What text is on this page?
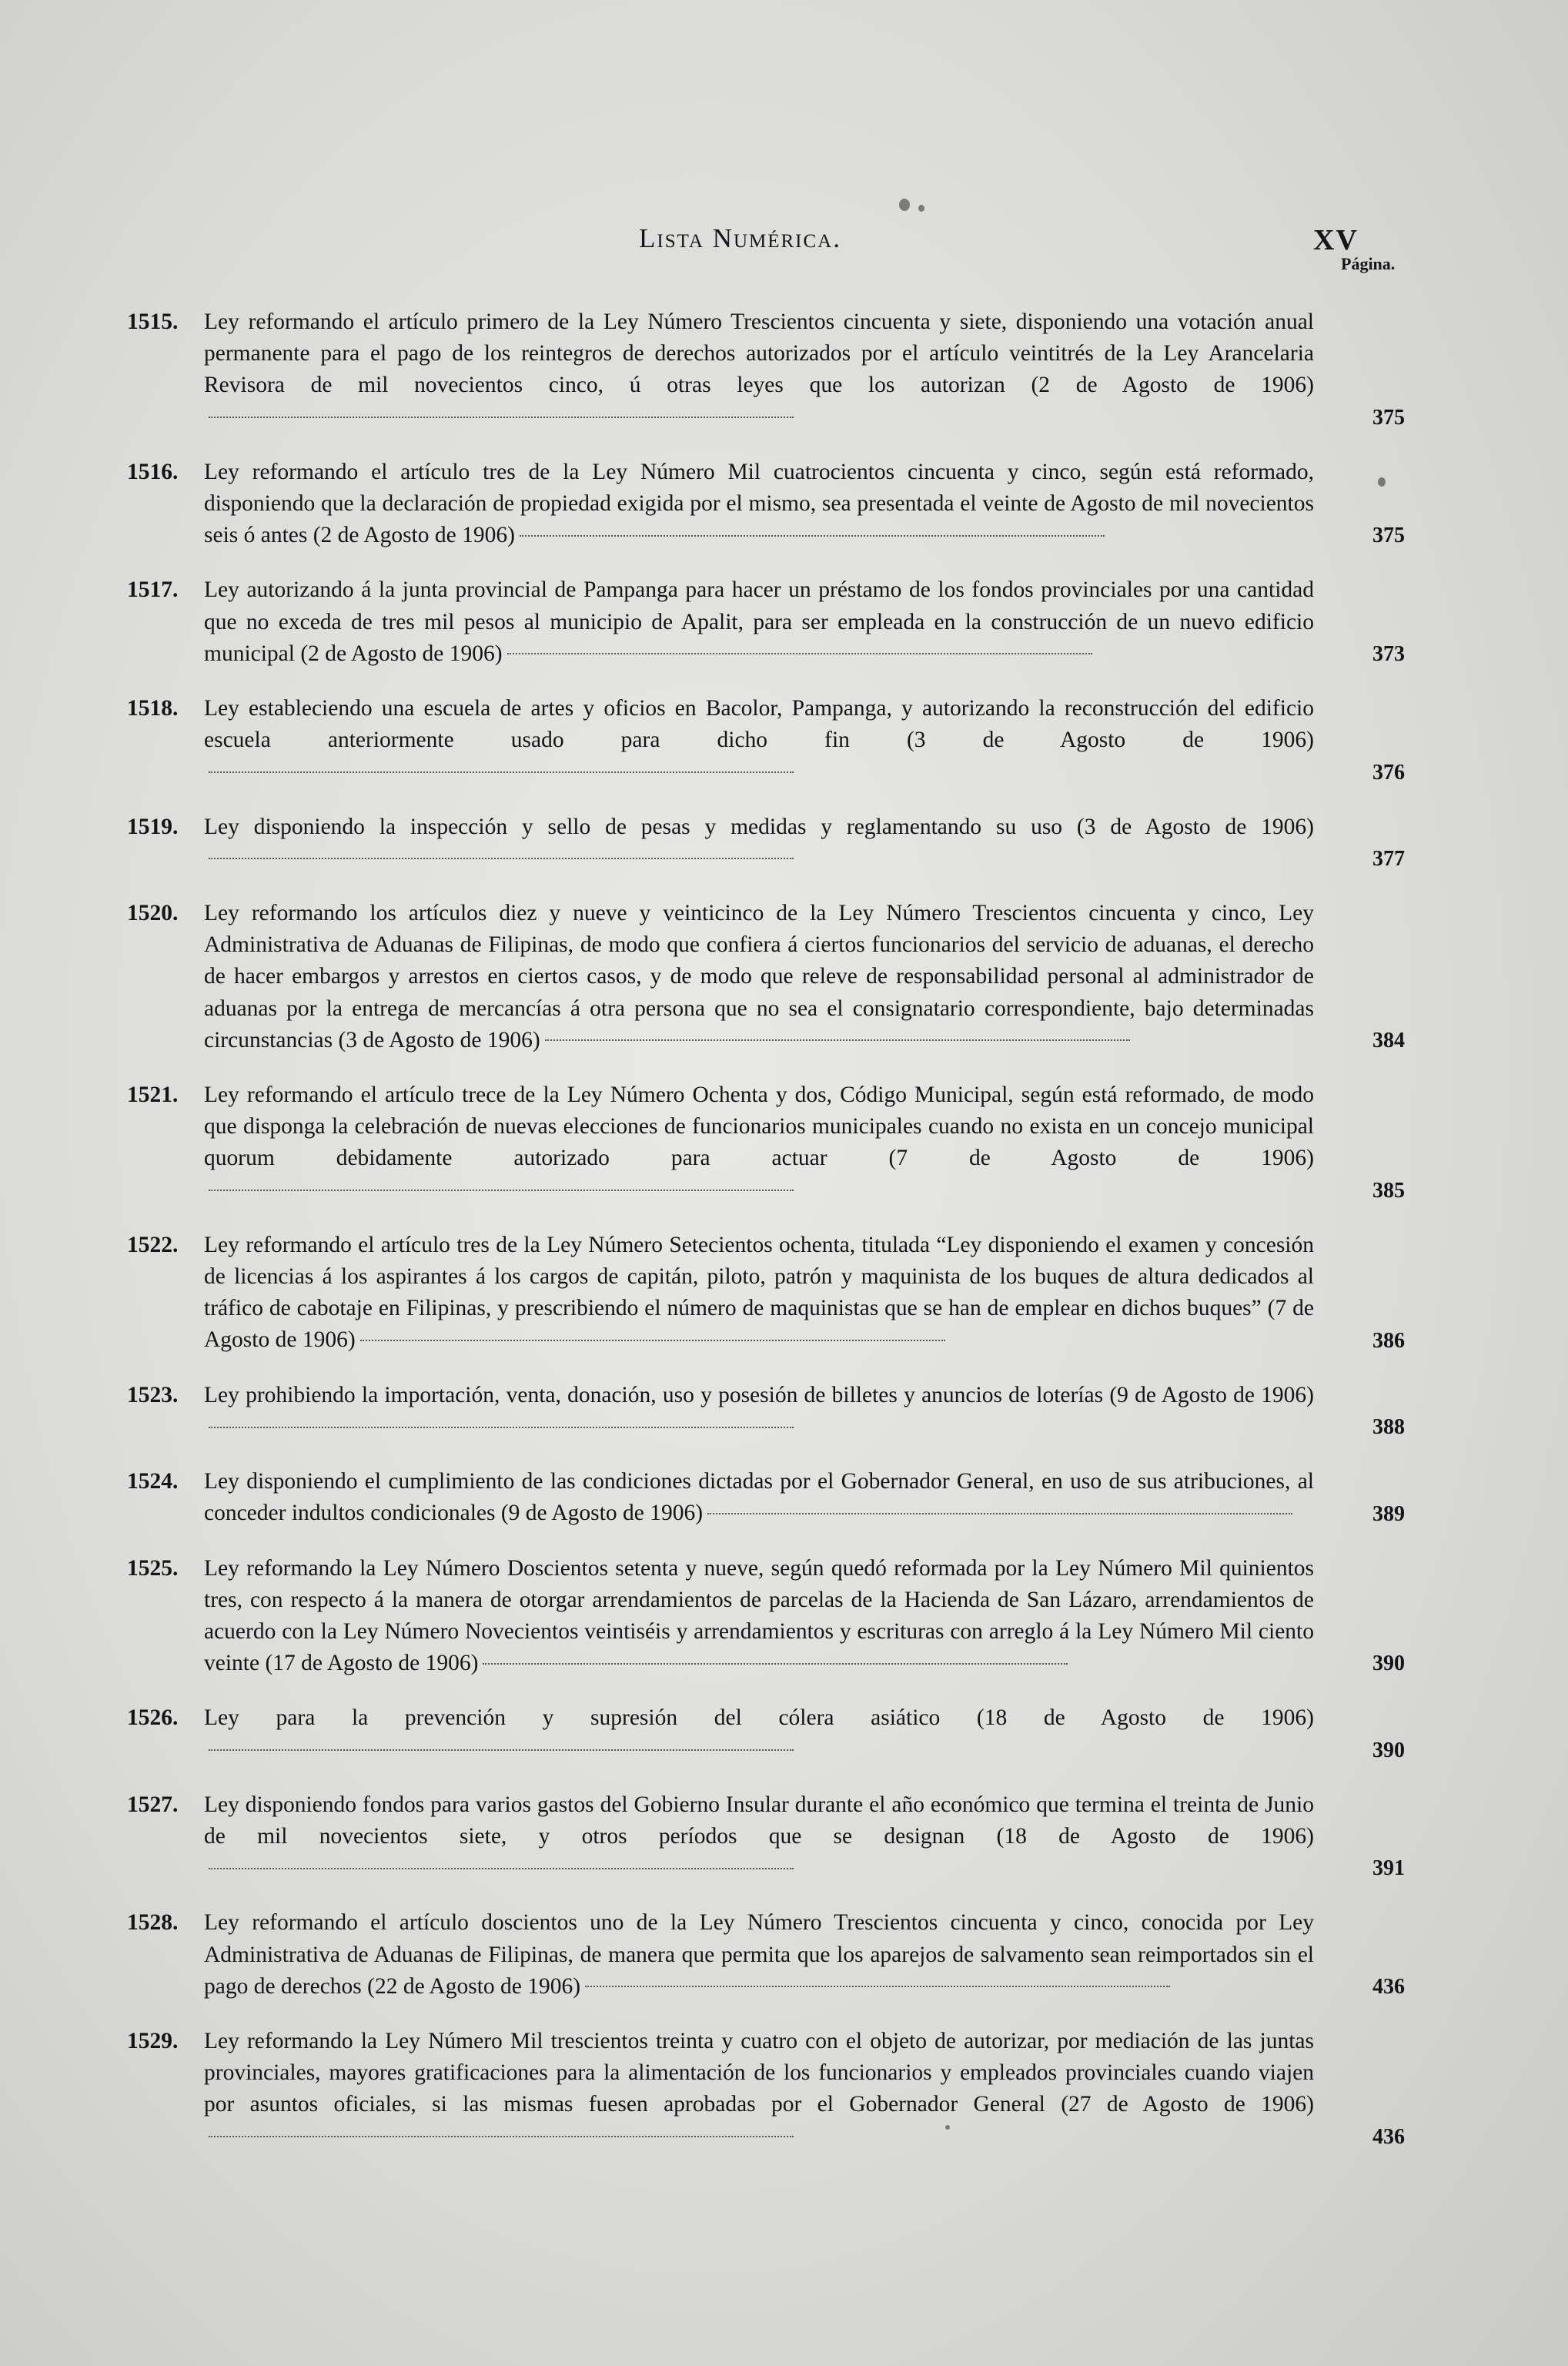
Lista Numérica.	XV
Página.
1515. Ley reformando el artículo primero de la Ley Número Trescientos cincuenta y siete, disponiendo una votación anual permanente para el pago de los reintegros de derechos autorizados por el artículo veintitrés de la Ley Arancelaria Revisora de mil novecientos cinco, ú otras leyes que los autorizan (2 de Agosto de 1906)
375
1516. Ley reformando el artículo tres de la Ley Número Mil cuatrocientos cincuenta y cinco, según está reformado, disponiendo que la declaración de propiedad exigida por el mismo, sea presentada el veinte de Agosto de mil novecientos seis ó antes (2 de Agosto de 1906)	375
1517. Ley autorizando á la junta provincial de Pampanga para hacer un préstamo de los fondos provinciales por una cantidad que no exceda de tres mil pesos al municipio de Apalit, para ser empleada en la construcción de un nuevo edificio municipal (2 de Agosto de 1906)	373
1518. Ley estableciendo una escuela de artes y oficios en Bacolor, Pampanga, y autorizando la reconstrucción del edificio escuela anteriormente usado para dicho fin (3 de Agosto de 1906)
376
1519. Ley disponiendo la inspección y sello de pesas y medidas y reglamentando su uso (3 de Agosto de 1906)
377
1520. Ley reformando los artículos diez y nueve y veinticinco de la Ley Número Trescientos cincuenta y cinco, Ley Administrativa de Aduanas de Filipinas, de modo que confiera á ciertos funcionarios del servicio de aduanas, el derecho de hacer embargos y arrestos en ciertos casos, y de modo que releve de responsabilidad personal al administrador de aduanas por la entrega de mercancías á otra persona que no sea el consignatario correspondiente, bajo determinadas circunstancias (3 de Agosto de 1906)	384
1521. Ley reformando el artículo trece de la Ley Número Ochenta y dos, Código Municipal, según está reformado, de modo que disponga la celebración de nuevas elecciones de funcionarios municipales cuando no exista en un concejo municipal quorum debidamente autorizado para actuar (7 de Agosto de 1906)
385
1522. Ley reformando el artículo tres de la Ley Número Setecientos ochenta, titulada “Ley disponiendo el examen y concesión de licencias á los aspirantes á los cargos de capitán, piloto, patrón y maquinista de los buques de altura dedicados al tráfico de cabotaje en Filipinas, y prescribiendo el número de maquinistas que se han de emplear en dichos buques” (7 de Agosto de 1906)	386
1523. Ley prohibiendo la importación, venta, donación, uso y posesión de billetes y anuncios de loterías (9 de Agosto de 1906)
388
1524. Ley disponiendo el cumplimiento de las condiciones dictadas por el Gobernador General, en uso de sus atribuciones, al conceder indultos condicionales (9 de Agosto de 1906)	389
1525. Ley reformando la Ley Número Doscientos setenta y nueve, según quedó reformada por la Ley Número Mil quinientos tres, con respecto á la manera de otorgar arrendamientos de parcelas de la Hacienda de San Lázaro, arrendamientos de acuerdo con la Ley Número Novecientos veintiséis y arrendamientos y escrituras con arreglo á la Ley Número Mil ciento veinte (17 de Agosto de 1906)	390
1526. Ley para la prevención y supresión del cólera asiático (18 de Agosto de 1906)
390
1527. Ley disponiendo fondos para varios gastos del Gobierno Insular durante el año económico que termina el treinta de Junio de mil novecientos siete, y otros períodos que se designan (18 de Agosto de 1906)
391
1528. Ley reformando el artículo doscientos uno de la Ley Número Trescientos cincuenta y cinco, conocida por Ley Administrativa de Aduanas de Filipinas, de manera que permita que los aparejos de salvamento sean reimportados sin el pago de derechos (22 de Agosto de 1906)	436
1529. Ley reformando la Ley Número Mil trescientos treinta y cuatro con el objeto de autorizar, por mediación de las juntas provinciales, mayores gratificaciones para la alimentación de los funcionarios y empleados provinciales cuando viajen por asuntos oficiales, si las mismas fuesen aprobadas por el Gobernador General (27 de Agosto de 1906)
436
